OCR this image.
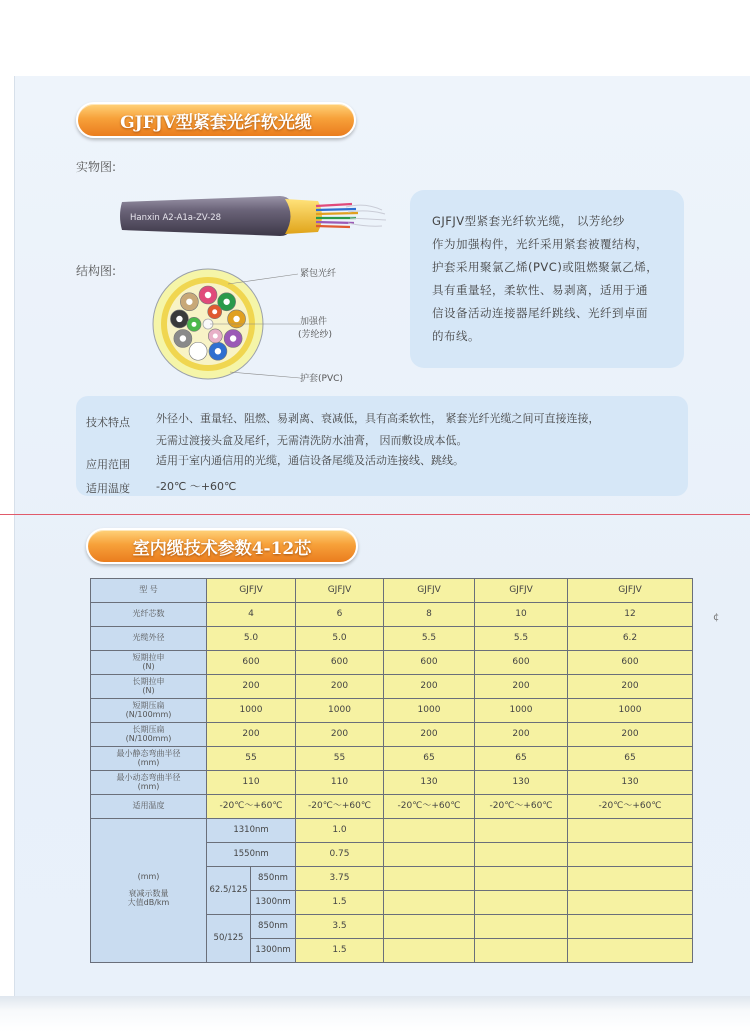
GJFJV型紧套光纤软光缆
实物图:
结构图:
Hanxin A2-A1a-ZV-28
紧包光纤
加强件
(芳纶纱)
护套(PVC)

GJFJV型紧套光纤软光缆， 以芳纶纱

作为加强构件，光纤采用紧套被覆结构，

护套采用聚氯乙烯(PVC)或阻燃聚氯乙烯，

具有重量轻，柔软性、易剥离，适用于通

信设备活动连接器尾纤跳线、光纤到卓面

的布线。

技术特点 外径小、重量轻、阻燃、易剥离、衰减低，具有高柔软性， 紧套光纤光缆之间可直接连接，
无需过渡接头盒及尾纤，无需清洗防水油膏， 因而敷设成本低。
应用范围 适用于室内通信用的光缆，通信设备尾缆及活动连接线、跳线。
适用温度 -20℃ ～+60℃
室内缆技术参数4-12芯
型 号	GJFJV		GJFJV	GJFJV	GJFJV	GJFJV

光纤芯数	4		6	8	10	12

光缆外径	5.0		5.0	5.5	5.5	6.2

短期拉申
(N)	600		600	600	600	600

长期拉申
(N)	200		200	200	200	200

短期压扁
(N/100mm)	1000		1000	1000	1000	1000

长期压扁
(N/100mm)	200		200	200	200	200

最小静态弯曲半径
(mm)	55		55	65	65	65

最小动态弯曲半径
(mm)	110		110	130	130	130

适用温度	-20℃～+60℃		-20℃～+60℃	-20℃～+60℃	-20℃～+60℃	-20℃～+60℃

(mm)
衰减示数量
大值dB/km	1310nm		1.0			
	1550nm		0.75			
	62.5/125	850nm	3.75			
		1300nm	1.5			
	50/125	850nm	3.5			
		1300nm	1.5			
¢
